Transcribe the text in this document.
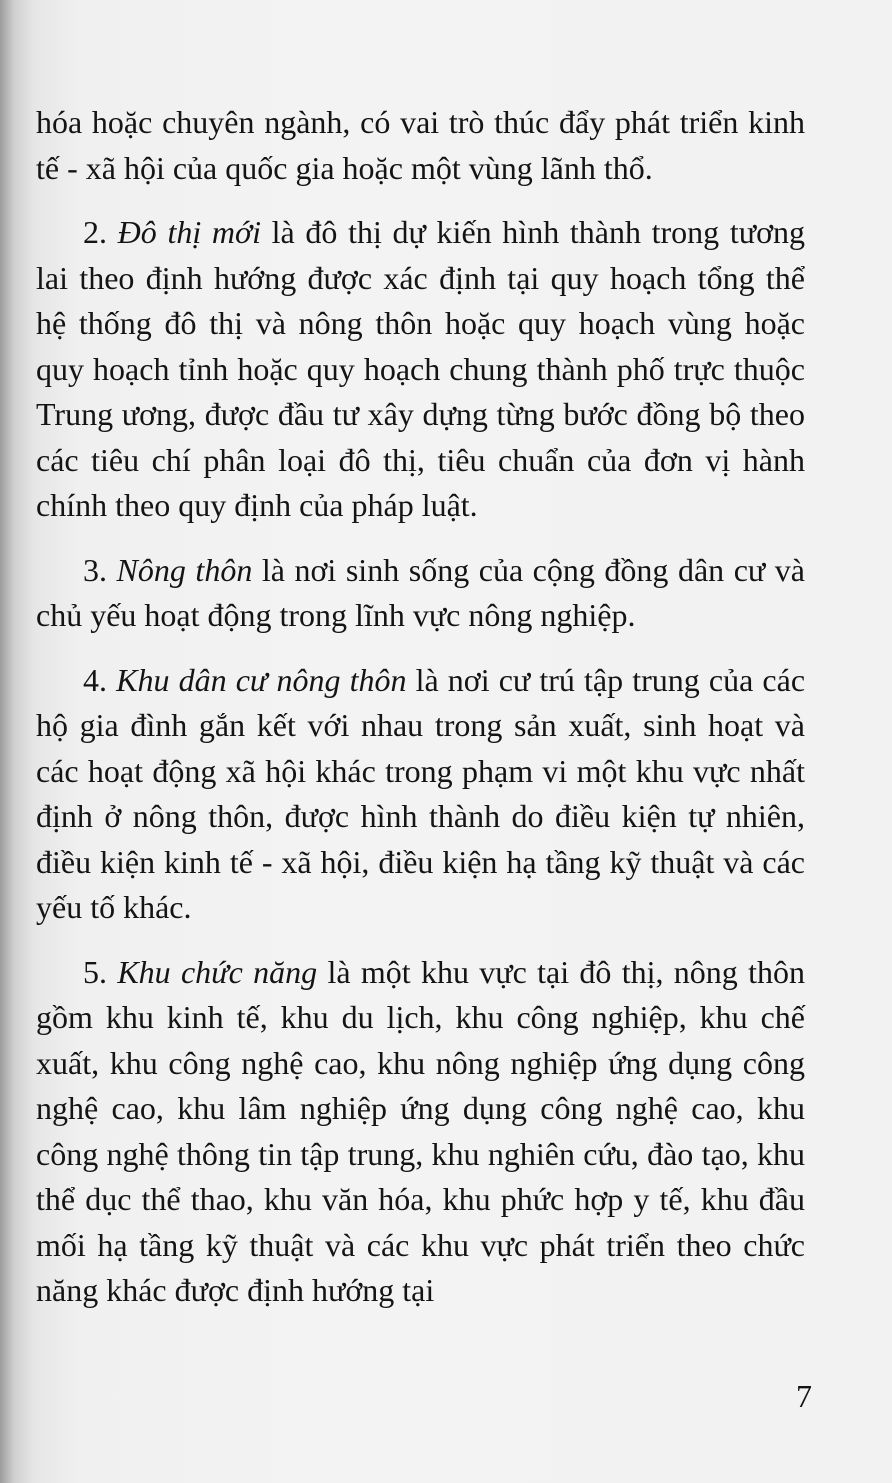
hóa hoặc chuyên ngành, có vai trò thúc đẩy phát triển kinh tế - xã hội của quốc gia hoặc một vùng lãnh thổ.

2. Đô thị mới là đô thị dự kiến hình thành trong tương lai theo định hướng được xác định tại quy hoạch tổng thể hệ thống đô thị và nông thôn hoặc quy hoạch vùng hoặc quy hoạch tỉnh hoặc quy hoạch chung thành phố trực thuộc Trung ương, được đầu tư xây dựng từng bước đồng bộ theo các tiêu chí phân loại đô thị, tiêu chuẩn của đơn vị hành chính theo quy định của pháp luật.

3. Nông thôn là nơi sinh sống của cộng đồng dân cư và chủ yếu hoạt động trong lĩnh vực nông nghiệp.

4. Khu dân cư nông thôn là nơi cư trú tập trung của các hộ gia đình gắn kết với nhau trong sản xuất, sinh hoạt và các hoạt động xã hội khác trong phạm vi một khu vực nhất định ở nông thôn, được hình thành do điều kiện tự nhiên, điều kiện kinh tế - xã hội, điều kiện hạ tầng kỹ thuật và các yếu tố khác.

5. Khu chức năng là một khu vực tại đô thị, nông thôn gồm khu kinh tế, khu du lịch, khu công nghiệp, khu chế xuất, khu công nghệ cao, khu nông nghiệp ứng dụng công nghệ cao, khu lâm nghiệp ứng dụng công nghệ cao, khu công nghệ thông tin tập trung, khu nghiên cứu, đào tạo, khu thể dục thể thao, khu văn hóa, khu phức hợp y tế, khu đầu mối hạ tầng kỹ thuật và các khu vực phát triển theo chức năng khác được định hướng tại

7
